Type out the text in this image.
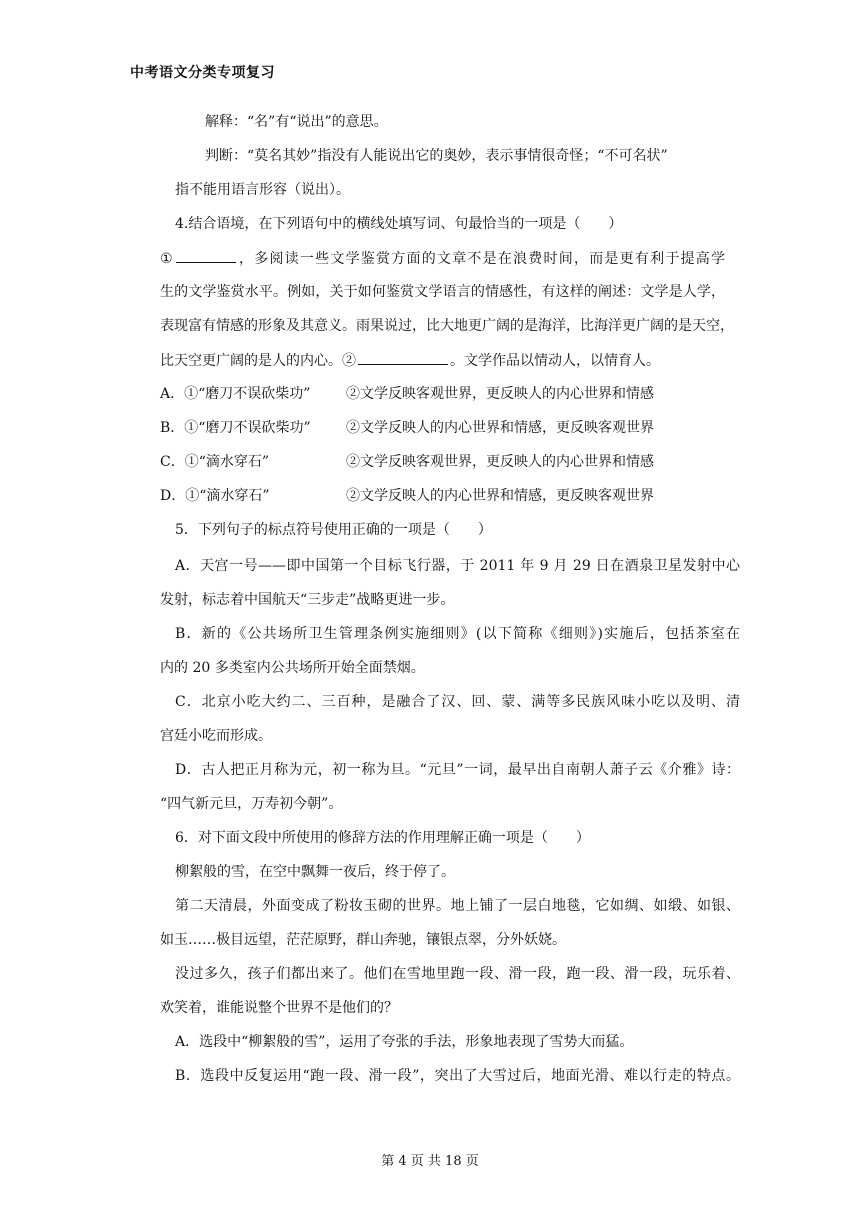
中考语文分类专项复习
解释：“名”有“说出”的意思。
判断：“莫名其妙”指没有人能说出它的奥妙，表示事情很奇怪；“不可名状”
指不能用语言形容（说出）。
4.结合语境，在下列语句中的横线处填写词、句最恰当的一项是（　　）
①	，多阅读一些文学鉴赏方面的文章不是在浪费时间，而是更有利于提高学
生的文学鉴赏水平。例如，关于如何鉴赏文学语言的情感性，有这样的阐述：文学是人学，
表现富有情感的形象及其意义。雨果说过，比大地更广阔的是海洋，比海洋更广阔的是天空，
比天空更广阔的是人的内心。②	。文学作品以情动人，以情育人。
A．①“磨刀不误砍柴功”	②文学反映客观世界，更反映人的内心世界和情感
B．①“磨刀不误砍柴功”	②文学反映人的内心世界和情感，更反映客观世界
C．①“滴水穿石”	②文学反映客观世界，更反映人的内心世界和情感
D．①“滴水穿石”	②文学反映人的内心世界和情感，更反映客观世界
5．下列句子的标点符号使用正确的一项是（　　）
A．天宫一号——即中国第一个目标飞行器，于 2011 年 9 月 29 日在酒泉卫星发射中心
发射，标志着中国航天“三步走”战略更进一步。
B．新的《公共场所卫生管理条例实施细则》(以下简称《细则》)实施后，包括茶室在
内的 20 多类室内公共场所开始全面禁烟。
C．北京小吃大约二、三百种，是融合了汉、回、蒙、满等多民族风味小吃以及明、清
宫廷小吃而形成。
D．古人把正月称为元，初一称为旦。“元旦”一词，最早出自南朝人萧子云《介雅》诗：
“四气新元旦，万寿初今朝”。
6．对下面文段中所使用的修辞方法的作用理解正确一项是（　　）
柳絮般的雪，在空中飘舞一夜后，终于停了。
第二天清晨，外面变成了粉妆玉砌的世界。地上铺了一层白地毯，它如绸、如缎、如银、
如玉……极目远望，茫茫原野，群山奔驰，镶银点翠，分外妖娆。
没过多久，孩子们都出来了。他们在雪地里跑一段、滑一段，跑一段、滑一段，玩乐着、
欢笑着，谁能说整个世界不是他们的？
A．选段中“柳絮般的雪”，运用了夸张的手法，形象地表现了雪势大而猛。
B．选段中反复运用“跑一段、滑一段”，突出了大雪过后，地面光滑、难以行走的特点。
第 4 页 共 18 页
